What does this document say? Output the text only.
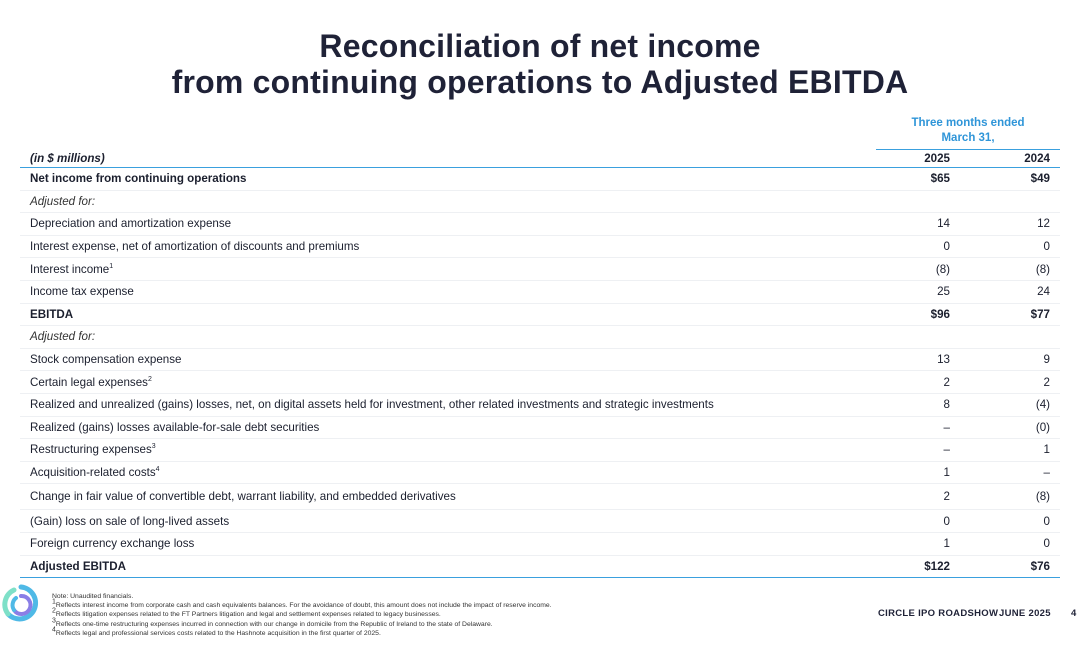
Reconciliation of net income
from continuing operations to Adjusted EBITDA
Three months ended
March 31,
(in $ millions)	2025	2024
Net income from continuing operations	$65	$49
Adjusted for:		
Depreciation and amortization expense	14	12
Interest expense, net of amortization of discounts and premiums	0	0
Interest income$^1$	(8)	(8)
Income tax expense	25	24
EBITDA	$96	$77
Adjusted for:		
Stock compensation expense	13	9
Certain legal expenses$^2$	2	2
Realized and unrealized (gains) losses, net, on digital assets held for investment, other related investments and strategic investments	8	(4)
Realized (gains) losses available-for-sale debt securities	–	(0)
Restructuring expenses$^3$	–	1
Acquisition-related costs$^4$	1	–
Change in fair value of convertible debt, warrant liability, and embedded derivatives	2	(8)
(Gain) loss on sale of long-lived assets	0	0
Foreign currency exchange loss	1	0
Adjusted EBITDA	$122	$76
Note: Unaudited financials.
$^1$Reflects interest income from corporate cash and cash equivalents balances. For the avoidance of doubt, this amount does not include the impact of reserve income.
$^2$Reflects litigation expenses related to the FT Partners litigation and legal and settlement expenses related to legacy businesses.
$^3$Reflects one-time restructuring expenses incurred in connection with our change in domicile from the Republic of Ireland to the state of Delaware.
$^4$Reflects legal and professional services costs related to the Hashnote acquisition in the first quarter of 2025.
CIRCLE IPO ROADSHOW JUNE 2025 4
